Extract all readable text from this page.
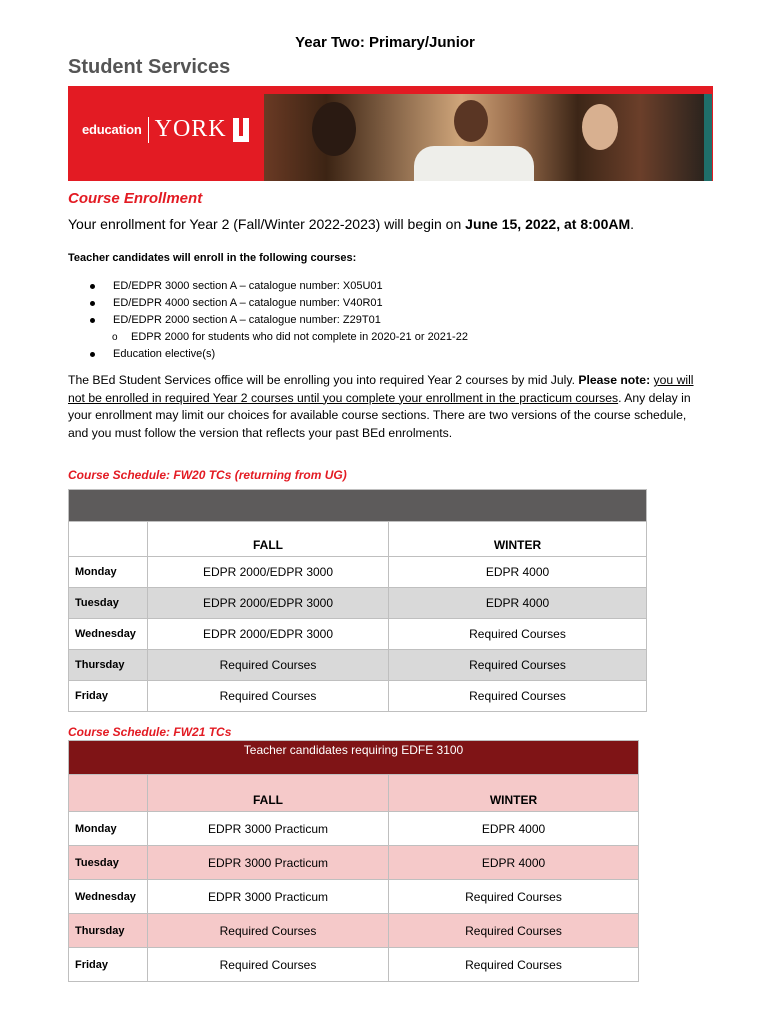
Year Two: Primary/Junior
Student Services
education YORK
Course Enrollment
Your enrollment for Year 2 (Fall/Winter 2022-2023) will begin on June 15, 2022, at 8:00AM.
Teacher candidates will enroll in the following courses:
ED/EDPR 3000 section A – catalogue number: X05U01
ED/EDPR 4000 section A – catalogue number: V40R01
ED/EDPR 2000 section A – catalogue number: Z29T01
o EDPR 2000 for students who did not complete in 2020-21 or 2021-22
Education elective(s)
The BEd Student Services office will be enrolling you into required Year 2 courses by mid July. Please note: you will not be enrolled in required Year 2 courses until you complete your enrollment in the practicum courses. Any delay in your enrollment may limit our choices for available course sections. There are two versions of the course schedule, and you must follow the version that reflects your past BEd enrolments.
Course Schedule: FW20 TCs (returning from UG)

	FALL	WINTER
Monday	EDPR 2000/EDPR 3000	EDPR 4000
Tuesday	EDPR 2000/EDPR 3000	EDPR 4000
Wednesday	EDPR 2000/EDPR 3000	Required Courses
Thursday	Required Courses	Required Courses
Friday	Required Courses	Required Courses
Course Schedule: FW21 TCs
Teacher candidates requiring EDFE 3100		
	FALL	WINTER
Monday	EDPR 3000 Practicum	EDPR 4000
Tuesday	EDPR 3000 Practicum	EDPR 4000
Wednesday	EDPR 3000 Practicum	Required Courses
Thursday	Required Courses	Required Courses
Friday	Required Courses	Required Courses
